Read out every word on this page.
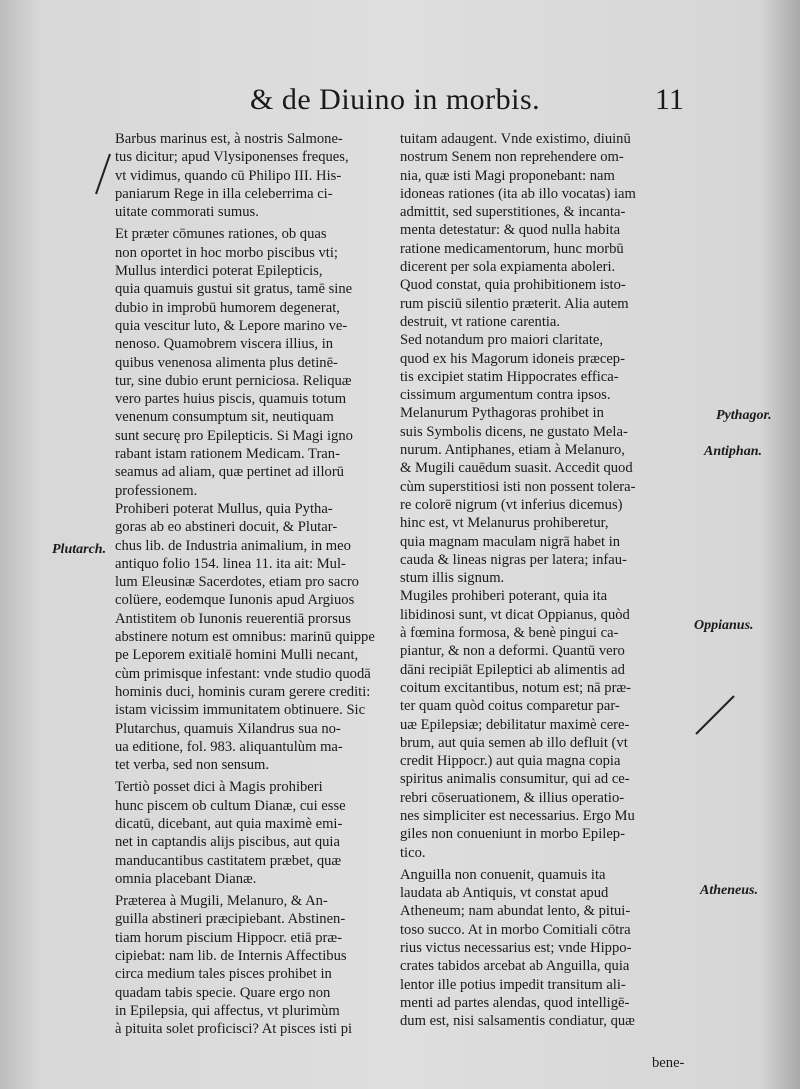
& de Diuino in morbis.	11
Barbus marinus est, à nostris Salmone-
tus dicitur; apud Vlysiponenses freques,
vt vidimus, quando cū Philipo III. His-
paniarum Rege in illa celeberrima ci-
uitate commorati sumus.
Et præter cōmunes rationes, ob quas
non oportet in hoc morbo piscibus vti;
Mullus interdici poterat Epilepticis,
quia quamuis gustui sit gratus, tamē sine
dubio in improbū humorem degenerat,
quia vescitur luto, & Lepore marino ve-
nenoso. Quamobrem viscera illius, in
quibus venenosa alimenta plus detinē-
tur, sine dubio erunt perniciosa. Reliquæ
vero partes huius piscis, quamuis totum
venenum consumptum sit, neutiquam
sunt securę pro Epilepticis. Si Magi igno
rabant istam rationem Medicam. Tran-
seamus ad aliam, quæ pertinet ad illorū
professionem.
Prohiberi poterat Mullus, quia Pytha-
goras ab eo abstineri docuit, & Plutar-
chus lib. de Industria animalium, in meo
antiquo folio 154. linea 11. ita ait: Mul-
lum Eleusinæ Sacerdotes, etiam pro sacro
colüere, eodemque Iunonis apud Argiuos
Antistitem ob Iunonis reuerentiā prorsus
abstinere notum est omnibus: marinū quippe
pe Leporem exitialē homini Mulli necant,
cùm primisque infestant: vnde studio quodā
hominis duci, hominis curam gerere crediti:
istam vicissim immunitatem obtinuere. Sic
Plutarchus, quamuis Xilandrus sua no-
ua editione, fol. 983. aliquantulùm ma-
tet verba, sed non sensum.
Tertiò posset dici à Magis prohiberi
hunc piscem ob cultum Dianæ, cui esse
dicatū, dicebant, aut quia maximè emi-
net in captandis alijs piscibus, aut quia
manducantibus castitatem præbet, quæ
omnia placebant Dianæ.
Præterea à Mugili, Melanuro, & An-
guilla abstineri præcipiebant. Abstinen-
tiam horum piscium Hippocr. etiā præ-
cipiebat: nam lib. de Internis Affectibus
circa medium tales pisces prohibet in
quadam tabis specie. Quare ergo non
in Epilepsia, qui affectus, vt plurimùm
à pituita solet proficisci? At pisces isti pi
tuitam adaugent. Vnde existimo, diuinū
nostrum Senem non reprehendere om-
nia, quæ isti Magi proponebant: nam
idoneas rationes (ita ab illo vocatas) iam
admittit, sed superstitiones, & incanta-
menta detestatur: & quod nulla habita
ratione medicamentorum, hunc morbū
dicerent per sola expiamenta aboleri.
Quod constat, quia prohibitionem isto-
rum pisciū silentio præterit. Alia autem
destruit, vt ratione carentia.
Sed notandum pro maiori claritate,
quod ex his Magorum idoneis præcep-
tis excipiet statim Hippocrates effica-
cissimum argumentum contra ipsos.
Melanurum Pythagoras prohibet in
suis Symbolis dicens, ne gustato Mela-
nurum. Antiphanes, etiam à Melanuro,
& Mugili cauēdum suasit. Accedit quod
cùm superstitiosi isti non possent tolera-
re colorē nigrum (vt inferius dicemus)
hinc est, vt Melanurus prohiberetur,
quia magnam maculam nigrā habet in
cauda & lineas nigras per latera; infau-
stum illis signum.
Mugiles prohiberi poterant, quia ita
libidinosi sunt, vt dicat Oppianus, quòd
à fœmina formosa, & benè pingui ca-
piantur, & non a deformi. Quantū vero
dāni recipiāt Epileptici ab alimentis ad
coitum excitantibus, notum est; nā præ-
ter quam quòd coitus comparetur par-
uæ Epilepsiæ; debilitatur maximè cere-
brum, aut quia semen ab illo defluit (vt
credit Hippocr.) aut quia magna copia
spiritus animalis consumitur, qui ad ce-
rebri cōseruationem, & illius operatio-
nes simpliciter est necessarius. Ergo Mu
giles non conueniunt in morbo Epilep-
tico.
Anguilla non conuenit, quamuis ita
laudata ab Antiquis, vt constat apud
Atheneum; nam abundat lento, & pitui-
toso succo. At in morbo Comitiali cōtra
rius victus necessarius est; vnde Hippo-
crates tabidos arcebat ab Anguilla, quia
lentor ille potius impedit transitum ali-
menti ad partes alendas, quod intelligē-
dum est, nisi salsamentis condiatur, quæ
Plutarch.
Pythagor.
Antiphan.
Oppianus.
Atheneus.
bene-
